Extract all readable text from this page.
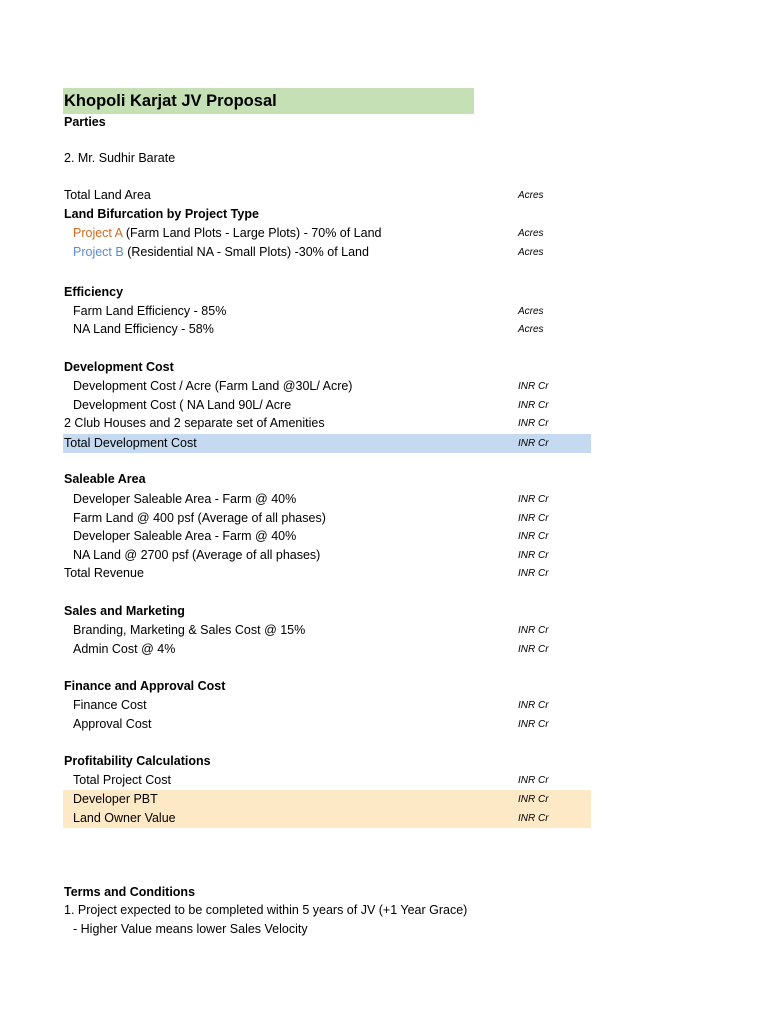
Khopoli Karjat JV Proposal
Parties
2. Mr. Sudhir Barate
Total Land Area	Acres
Land Bifurcation by Project Type
Project A (Farm Land Plots - Large Plots) - 70% of Land	Acres
Project B (Residential NA - Small Plots) -30% of Land	Acres
Efficiency
Farm Land Efficiency - 85%	Acres
NA Land Efficiency - 58%	Acres
Development Cost
Development Cost / Acre (Farm Land @30L/ Acre)	INR Cr
Development Cost ( NA Land 90L/ Acre	INR Cr
2 Club Houses and 2 separate set of Amenities	INR Cr
Total Development Cost	INR Cr
Saleable Area
Developer Saleable Area - Farm @ 40%	INR Cr
Farm Land @ 400 psf (Average of all phases)	INR Cr
Developer Saleable Area - Farm @ 40%	INR Cr
NA Land @ 2700 psf (Average of all phases)	INR Cr
Total Revenue	INR Cr
Sales and Marketing
Branding, Marketing & Sales Cost @ 15%	INR Cr
Admin Cost @ 4%	INR Cr
Finance and Approval Cost
Finance Cost	INR Cr
Approval Cost	INR Cr
Profitability Calculations
Total Project Cost	INR Cr
Developer PBT	INR Cr
Land Owner Value	INR Cr
Terms and Conditions
1. Project expected to be completed within 5 years of JV (+1 Year Grace)
- Higher Value means lower Sales Velocity
